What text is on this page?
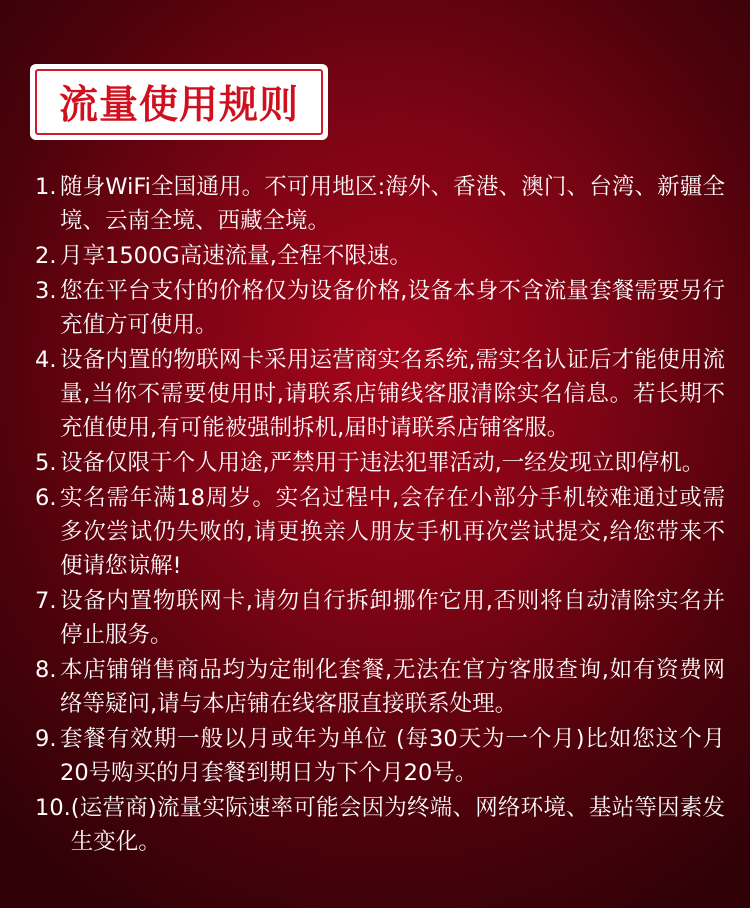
流量使用规则
1. 随身WiFi全国通用。不可用地区:海外、香港、澳门、台湾、新疆全境、云南全境、西藏全境。
2. 月享1500G高速流量,全程不限速。
3. 您在平台支付的价格仅为设备价格,设备本身不含流量套餐需要另行充值方可使用。
4. 设备内置的物联网卡采用运营商实名系统,需实名认证后才能使用流量,当你不需要使用时,请联系店铺线客服清除实名信息。若长期不充值使用,有可能被强制拆机,届时请联系店铺客服。
5. 设备仅限于个人用途,严禁用于违法犯罪活动,一经发现立即停机。
6. 实名需年满18周岁。实名过程中,会存在小部分手机较难通过或需多次尝试仍失败的,请更换亲人朋友手机再次尝试提交,给您带来不便请您谅解!
7. 设备内置物联网卡,请勿自行拆卸挪作它用,否则将自动清除实名并停止服务。
8. 本店铺销售商品均为定制化套餐,无法在官方客服查询,如有资费网络等疑问,请与本店铺在线客服直接联系处理。
9. 套餐有效期一般以月或年为单位 (每30天为一个月)比如您这个月20号购买的月套餐到期日为下个月20号。
10. (运营商)流量实际速率可能会因为终端、网络环境、基站等因素发生变化。
